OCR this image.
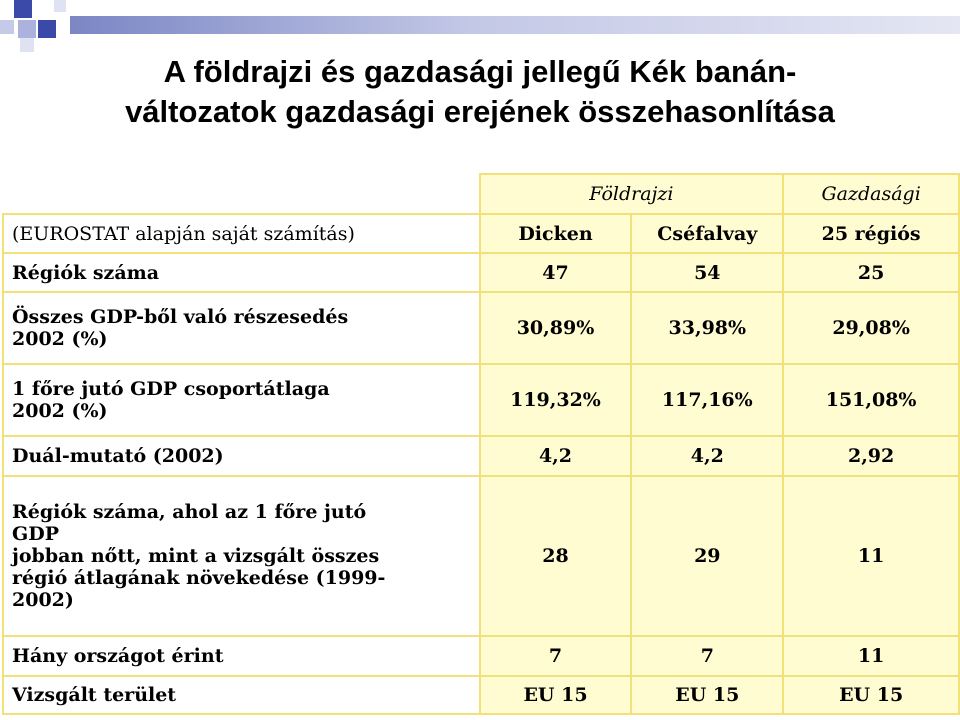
A földrajzi és gazdasági jellegű Kék banán-
változatok gazdasági erejének összehasonlítása
	Földrajzi		Gazdasági
(EUROSTAT alapján saját számítás)	Dicken	Cséfalvay	25 régiós
Régiók száma	47	54	25

Összes GDP-ből való részesedés
2002 (%)	30,89%	33,98%	29,08%

1 főre jutó GDP csoportátlaga
2002 (%)	119,32%	117,16%	151,08%
Duál-mutató (2002)	4,2	4,2	2,92

Régiók száma, ahol az 1 főre jutó
GDP
jobban nőtt, mint a vizsgált összes
régió átlagának növekedése (1999-
2002)	28	29	11
Hány országot érint	7	7	11
Vizsgált terület	EU 15	EU 15	EU 15
